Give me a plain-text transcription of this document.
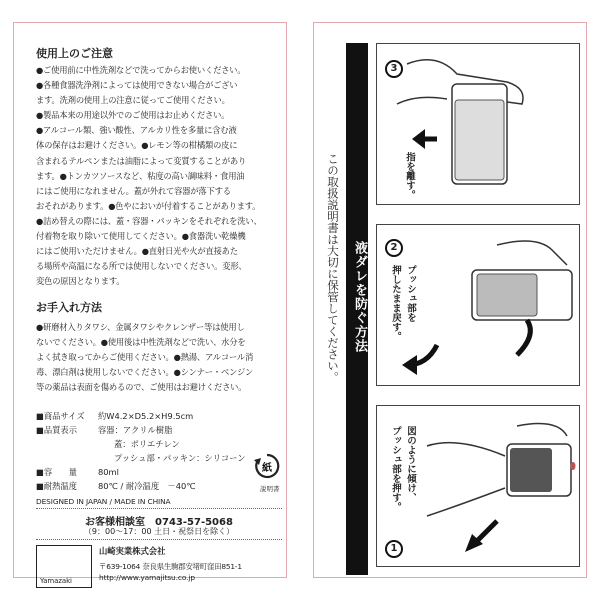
使用上のご注意
●ご使用前に中性洗剤などで洗ってからお使いください。
●各種食器洗浄剤によっては使用できない場合がござい
ます。洗剤の使用上の注意に従ってご使用ください。
●製品本来の用途以外でのご使用はお止めください。
●アルコール類、強い酸性、アルカリ性を多量に含む液
体の保存はお避けください。●レモン等の柑橘類の皮に
含まれるテルペンまたは油脂によって変質することがあり
ます。●トンカツソースなど、粘度の高い調味料・食用油
にはご使用になれません。蓋が外れて容器が落下する
おそれがあります。●色やにおいが付着することがあります。
●詰め替えの際には、蓋・容器・パッキンをそれぞれを洗い、
付着物を取り除いて使用してください。●食器洗い乾燥機
にはご使用いただけません。●直射日光や火が直接あた
る場所や高温になる所では使用しないでください。変形、
変色の原因となります。
お手入れ方法
●研磨材入りタワシ、金属タワシやクレンザー等は使用し
ないでください。●使用後は中性洗剤などで洗い、水分を
よく拭き取ってからご使用ください。●熱湯、アルコール消
毒、漂白剤は使用しないでください。●シンナー・ベンジン
等の薬品は表面を傷めるので、ご使用はお避けください。
■商品サイズ	約W4.2×D5.2×H9.5cm
■品質表示	容器：アクリル樹脂
蓋：ポリエチレン
プッシュ部・パッキン：シリコーン
■容　　量	80ml
■耐熱温度	80℃ / 耐冷温度　－40℃
紙
説明書
DESIGNED IN JAPAN / MADE IN CHINA
お客様相談室　0743-57-5068
（9：00〜17：00 土日・祝祭日を除く）
Yamazaki
山崎実業株式会社
〒639-1064 奈良県生駒郡安堵町窪田851-1
http://www.yamajitsu.co.jp
この取扱説明書は大切に保管してください。 液ダレを防ぐ方法
3
指を離す。
2
プッシュ部を
押したまま戻す。
1
図のように傾け、
プッシュ部を押す。
